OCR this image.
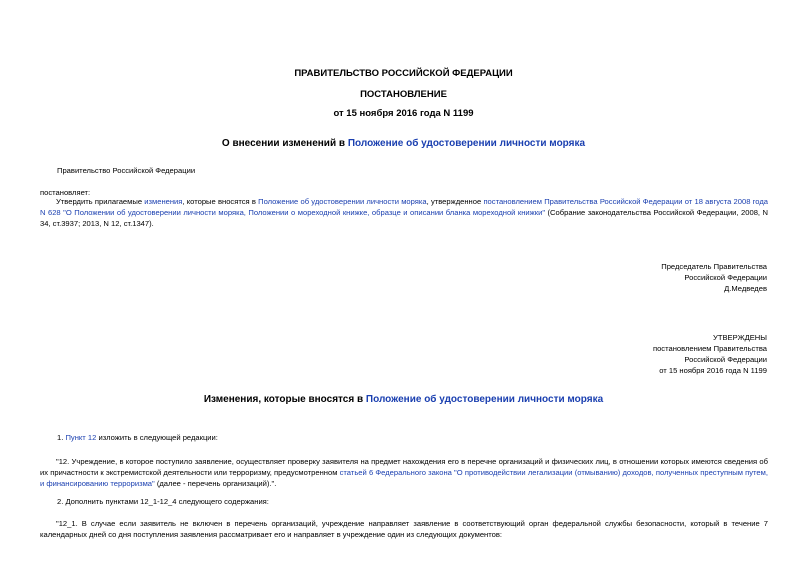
ПРАВИТЕЛЬСТВО РОССИЙСКОЙ ФЕДЕРАЦИИ
ПОСТАНОВЛЕНИЕ
от 15 ноября 2016 года N 1199
О внесении изменений в Положение об удостоверении личности моряка
Правительство Российской Федерации
постановляет:
Утвердить прилагаемые изменения, которые вносятся в Положение об удостоверении личности моряка, утвержденное постановлением Правительства Российской Федерации от 18 августа 2008 года N 628 "О Положении об удостоверении личности моряка, Положении о мореходной книжке, образце и описании бланка мореходной книжки" (Собрание законодательства Российской Федерации, 2008, N 34, ст.3937; 2013, N 12, ст.1347).
Председатель Правительства
Российской Федерации
Д.Медведев
УТВЕРЖДЕНЫ
постановлением Правительства
Российской Федерации
от 15 ноября 2016 года N 1199
Изменения, которые вносятся в Положение об удостоверении личности моряка
1. Пункт 12 изложить в следующей редакции:
"12. Учреждение, в которое поступило заявление, осуществляет проверку заявителя на предмет нахождения его в перечне организаций и физических лиц, в отношении которых имеются сведения об их причастности к экстремистской деятельности или терроризму, предусмотренном статьей 6 Федерального закона "О противодействии легализации (отмыванию) доходов, полученных преступным путем, и финансированию терроризма" (далее - перечень организаций).".
2. Дополнить пунктами 12_1-12_4 следующего содержания:
"12_1. В случае если заявитель не включен в перечень организаций, учреждение направляет заявление в соответствующий орган федеральной службы безопасности, который в течение 7 календарных дней со дня поступления заявления рассматривает его и направляет в учреждение один из следующих документов:
